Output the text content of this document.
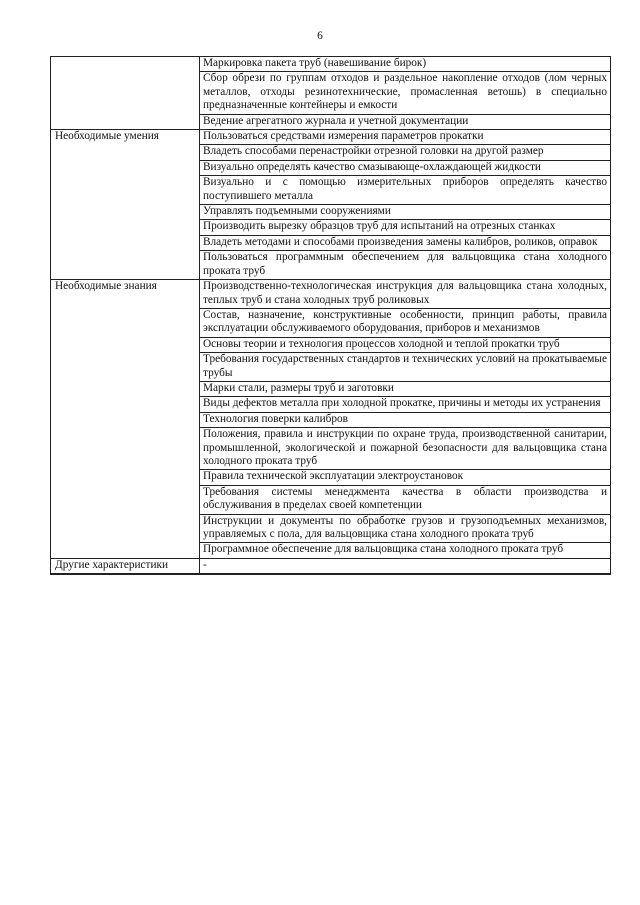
6
	Маркировка пакета труб (навешивание бирок)
	Сбор обрези по группам отходов и раздельное накопление отходов (лом черных металлов, отходы резинотехнические, промасленная ветошь) в специально предназначенные контейнеры и емкости
	Ведение агрегатного журнала и учетной документации
Необходимые умения	Пользоваться средствами измерения параметров прокатки
	Владеть способами перенастройки отрезной головки на другой размер
	Визуально определять качество смазывающе-охлаждающей жидкости
	Визуально и с помощью измерительных приборов определять качество поступившего металла
	Управлять подъемными сооружениями
	Производить вырезку образцов труб для испытаний на отрезных станках
	Владеть методами и способами произведения замены калибров, роликов, оправок
	Пользоваться программным обеспечением для вальцовщика стана холодного проката труб
Необходимые знания	Производственно-технологическая инструкция для вальцовщика стана холодных, теплых труб и стана холодных труб роликовых
	Состав, назначение, конструктивные особенности, принцип работы, правила эксплуатации обслуживаемого оборудования, приборов и механизмов
	Основы теории и технология процессов холодной и теплой прокатки труб
	Требования государственных стандартов и технических условий на прокатываемые трубы
	Марки стали, размеры труб и заготовки
	Виды дефектов металла при холодной прокатке, причины и методы их устранения
	Технология поверки калибров
	Положения, правила и инструкции по охране труда, производственной санитарии, промышленной, экологической и пожарной безопасности для вальцовщика стана холодного проката труб
	Правила технической эксплуатации электроустановок
	Требования системы менеджмента качества в области производства и обслуживания в пределах своей компетенции
	Инструкции и документы по обработке грузов и грузоподъемных механизмов, управляемых с пола, для вальцовщика стана холодного проката труб
	Программное обеспечение для вальцовщика стана холодного проката труб
Другие характеристики	-
